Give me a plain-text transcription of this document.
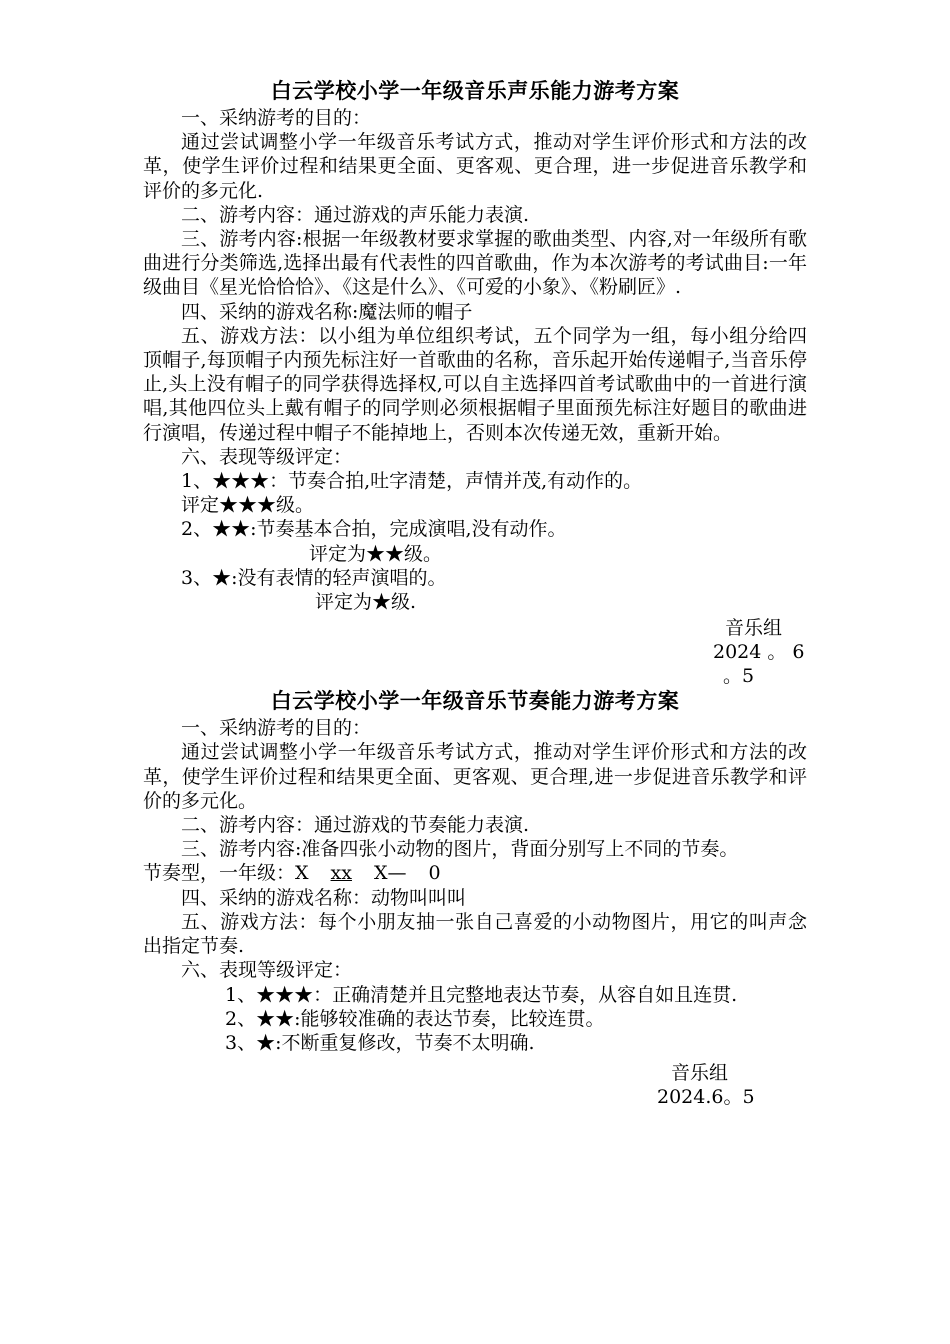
白云学校小学一年级音乐声乐能力游考方案

一、采纳游考的目的：

通过尝试调整小学一年级音乐考试方式，推动对学生评价形式和方法的改革，使学生评价过程和结果更全面、更客观、更合理，进一步促进音乐教学和评价的多元化.

二、游考内容：通过游戏的声乐能力表演.

三、游考内容:根据一年级教材要求掌握的歌曲类型、内容,对一年级所有歌曲进行分类筛选,选择出最有代表性的四首歌曲，作为本次游考的考试曲目:一年级曲目《星光恰恰恰》、《这是什么》、《可爱的小象》、《粉刷匠》.

四、采纳的游戏名称:魔法师的帽子

五、游戏方法：以小组为单位组织考试，五个同学为一组，每小组分给四顶帽子,每顶帽子内预先标注好一首歌曲的名称，音乐起开始传递帽子,当音乐停止,头上没有帽子的同学获得选择权,可以自主选择四首考试歌曲中的一首进行演唱,其他四位头上戴有帽子的同学则必须根据帽子里面预先标注好题目的歌曲进行演唱，传递过程中帽子不能掉地上，否则本次传递无效，重新开始。

六、表现等级评定：

1、★★★：节奏合拍,吐字清楚，声情并茂,有动作的。

评定★★★级。

2、★★:节奏基本合拍，完成演唱,没有动作。

评定为★★级。

3、★:没有表情的轻声演唱的。

评定为★级.

音乐组

2024 。 6

。5

白云学校小学一年级音乐节奏能力游考方案

一、采纳游考的目的：

通过尝试调整小学一年级音乐考试方式，推动对学生评价形式和方法的改革，使学生评价过程和结果更全面、更客观、更合理,进一步促进音乐教学和评价的多元化。

二、游考内容：通过游戏的节奏能力表演.

三、游考内容:准备四张小动物的图片，背面分别写上不同的节奏。

节奏型，一年级：X xx X— 0

四、采纳的游戏名称：动物叫叫叫

五、游戏方法：每个小朋友抽一张自己喜爱的小动物图片，用它的叫声念出指定节奏.

六、表现等级评定：

1、★★★：正确清楚并且完整地表达节奏，从容自如且连贯.

2、★★:能够较准确的表达节奏，比较连贯。

3、★:不断重复修改，节奏不太明确.

音乐组

2024.6。5
